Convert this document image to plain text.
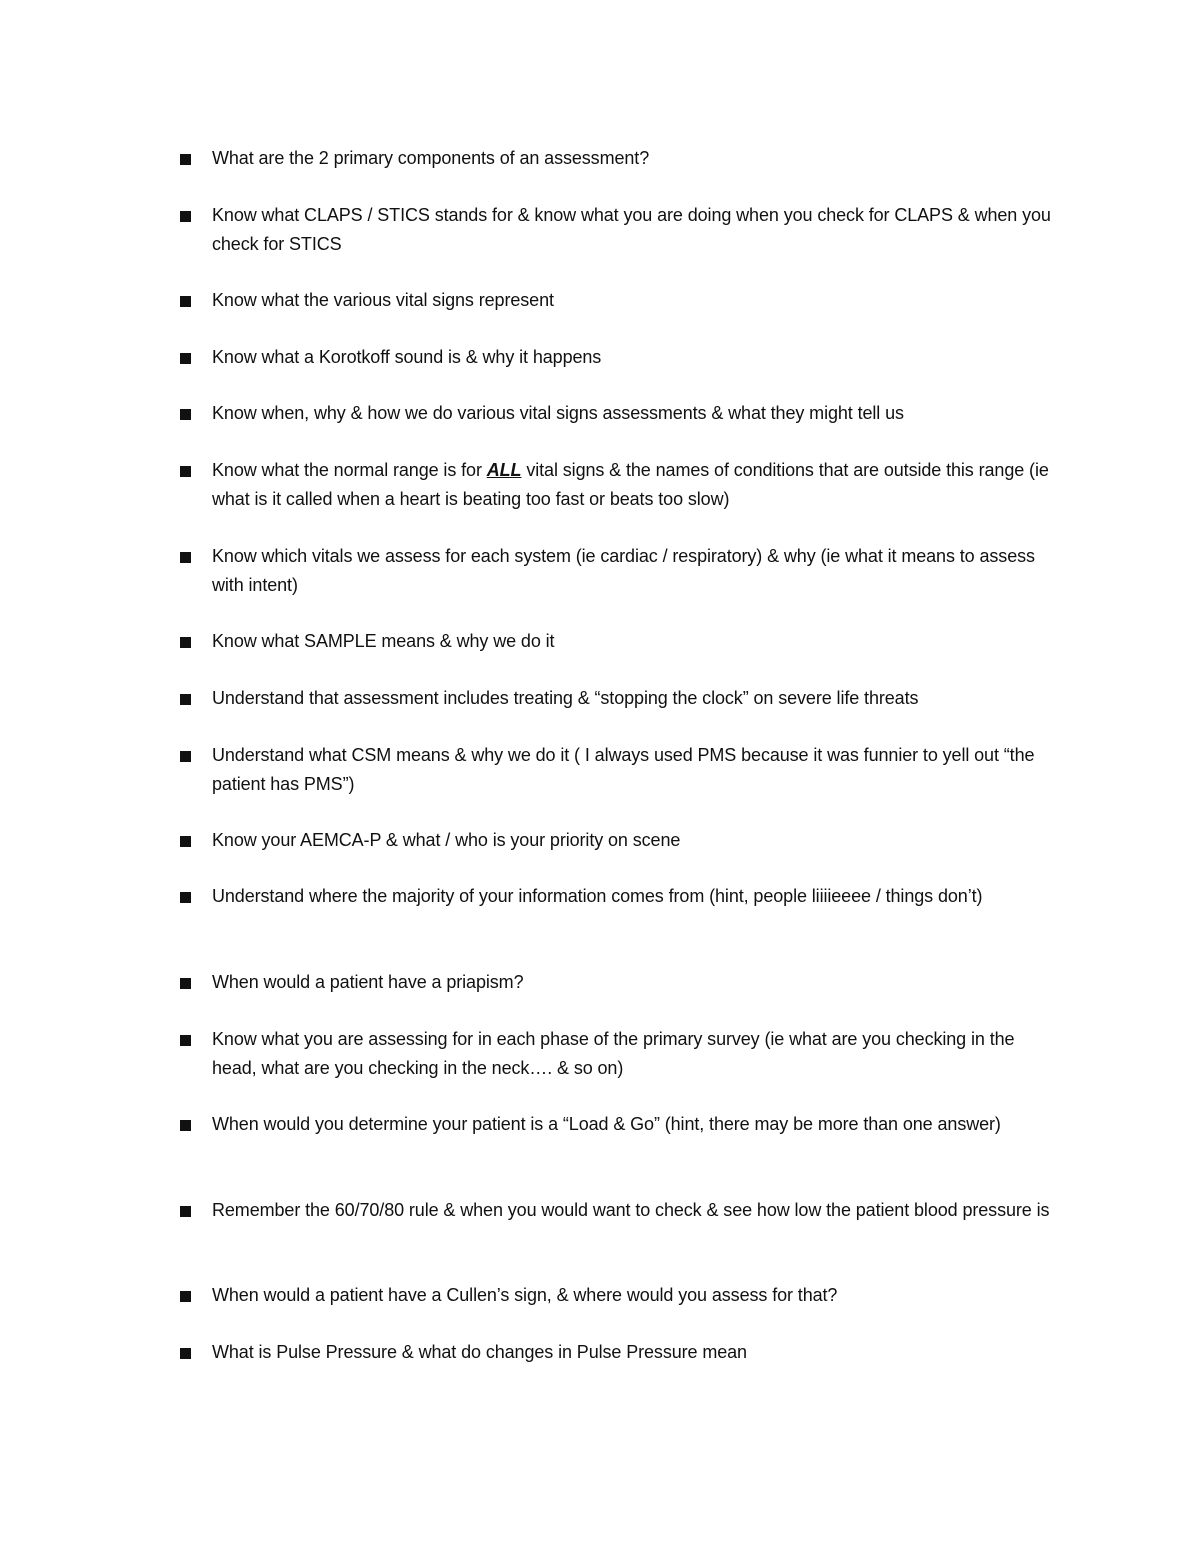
What are the 2 primary components of an assessment?
Know what CLAPS / STICS stands for & know what you are doing when you check for CLAPS & when you check for STICS
Know what the various vital signs represent
Know what a Korotkoff sound is & why it happens
Know when, why & how we do various vital signs assessments & what they might tell us
Know what the normal range is for ALL vital signs & the names of conditions that are outside this range (ie what is it called when a heart is beating too fast or beats too slow)
Know which vitals we assess for each system (ie cardiac / respiratory) & why (ie what it means to assess with intent)
Know what SAMPLE means & why we do it
Understand that assessment includes treating & “stopping the clock” on severe life threats
Understand what CSM means & why we do it ( I always used PMS because it was funnier to yell out “the patient has PMS”)
Know your AEMCA-P & what / who is your priority on scene
Understand where the majority of your information comes from (hint, people liiiieeee / things don’t)
When would a patient have a priapism?
Know what you are assessing for in each phase of the primary survey (ie what are you checking in the head, what are you checking in the neck…. & so on)
When would you determine your patient is a “Load & Go” (hint, there may be more than one answer)
Remember the 60/70/80 rule & when you would want to check & see how low the patient blood pressure is
When would a patient have a Cullen’s sign, & where would you assess for that?
What is Pulse Pressure & what do changes in Pulse Pressure mean
